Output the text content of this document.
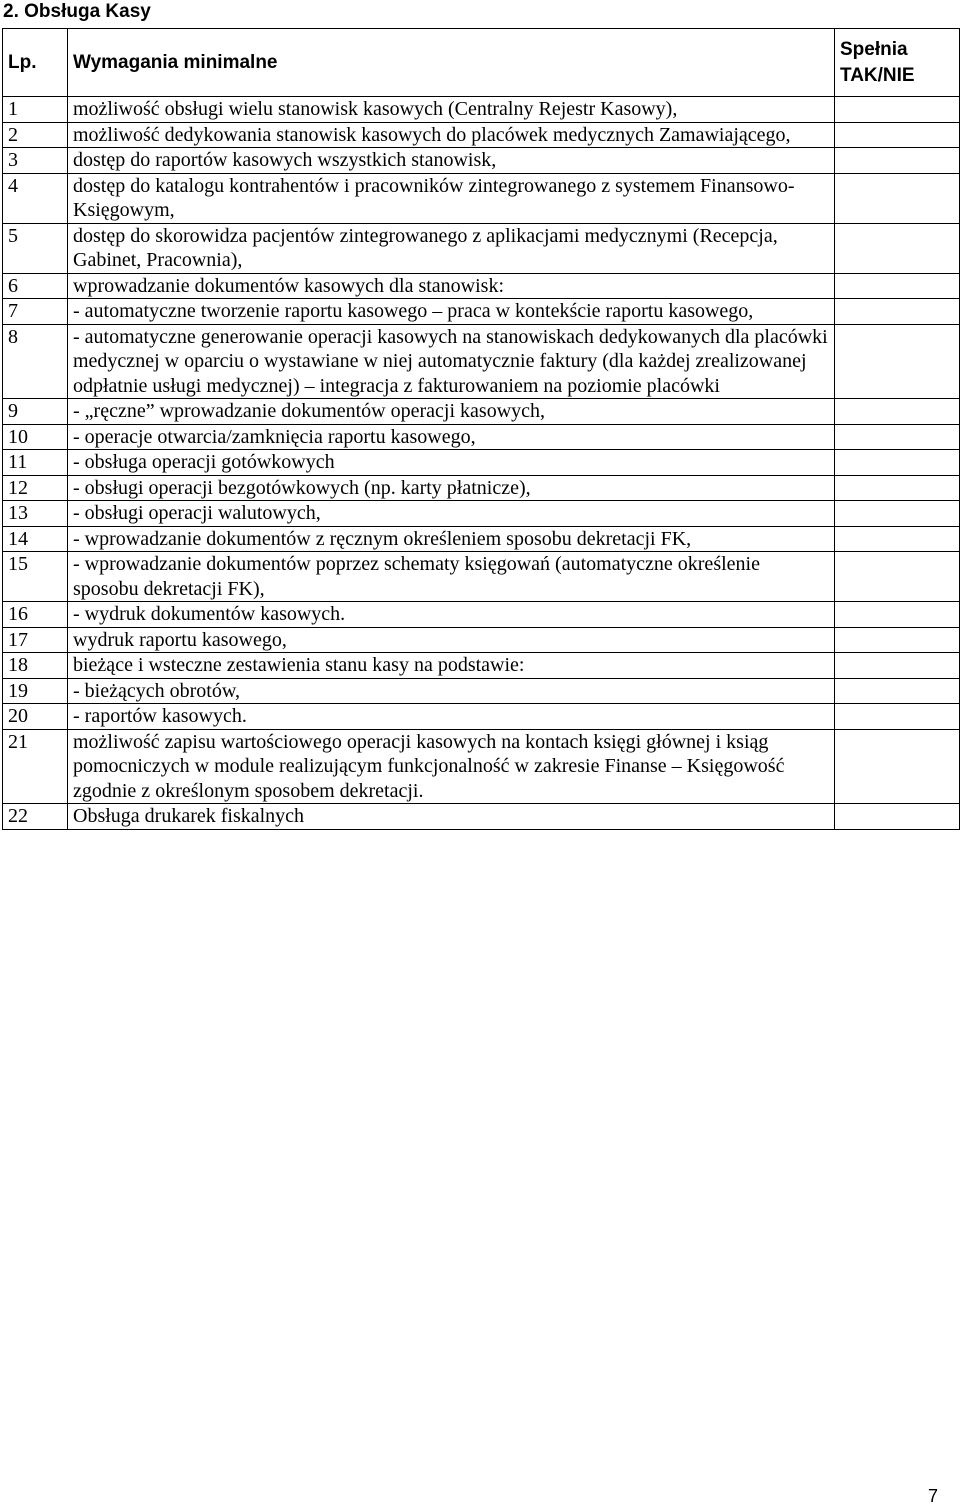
2. Obsługa Kasy
Lp.	Wymagania minimalne	Spełnia TAK/NIE
1	możliwość obsługi wielu stanowisk kasowych (Centralny Rejestr Kasowy),	
2	możliwość dedykowania stanowisk kasowych do placówek medycznych Zamawiającego,	
3	dostęp do raportów kasowych wszystkich stanowisk,	
4	dostęp do katalogu kontrahentów i pracowników zintegrowanego z systemem Finansowo-Księgowym,	
5	dostęp do skorowidza pacjentów zintegrowanego z aplikacjami medycznymi (Recepcja, Gabinet, Pracownia),	
6	wprowadzanie dokumentów kasowych dla stanowisk:	
7	- automatyczne tworzenie raportu kasowego – praca w kontekście raportu kasowego,	
8	- automatyczne generowanie operacji kasowych na stanowiskach dedykowanych dla placówki medycznej w oparciu o wystawiane w niej automatycznie faktury (dla każdej zrealizowanej odpłatnie usługi medycznej) – integracja z fakturowaniem na poziomie placówki	
9	- „ręczne” wprowadzanie dokumentów operacji kasowych,	
10	- operacje otwarcia/zamknięcia raportu kasowego,	
11	- obsługa operacji gotówkowych	
12	- obsługi operacji bezgotówkowych (np. karty płatnicze),	
13	- obsługi operacji walutowych,	
14	- wprowadzanie dokumentów z ręcznym określeniem sposobu dekretacji FK,	
15	- wprowadzanie dokumentów poprzez schematy księgowań (automatyczne określenie sposobu dekretacji FK),	
16	- wydruk dokumentów kasowych.	
17	wydruk raportu kasowego,	
18	bieżące i wsteczne zestawienia stanu kasy na podstawie:	
19	- bieżących obrotów,	
20	- raportów kasowych.	
21	możliwość zapisu wartościowego operacji kasowych na kontach księgi głównej i ksiąg pomocniczych w module realizującym funkcjonalność w zakresie Finanse – Księgowość zgodnie z określonym sposobem dekretacji.	
22	Obsługa drukarek fiskalnych	
7
